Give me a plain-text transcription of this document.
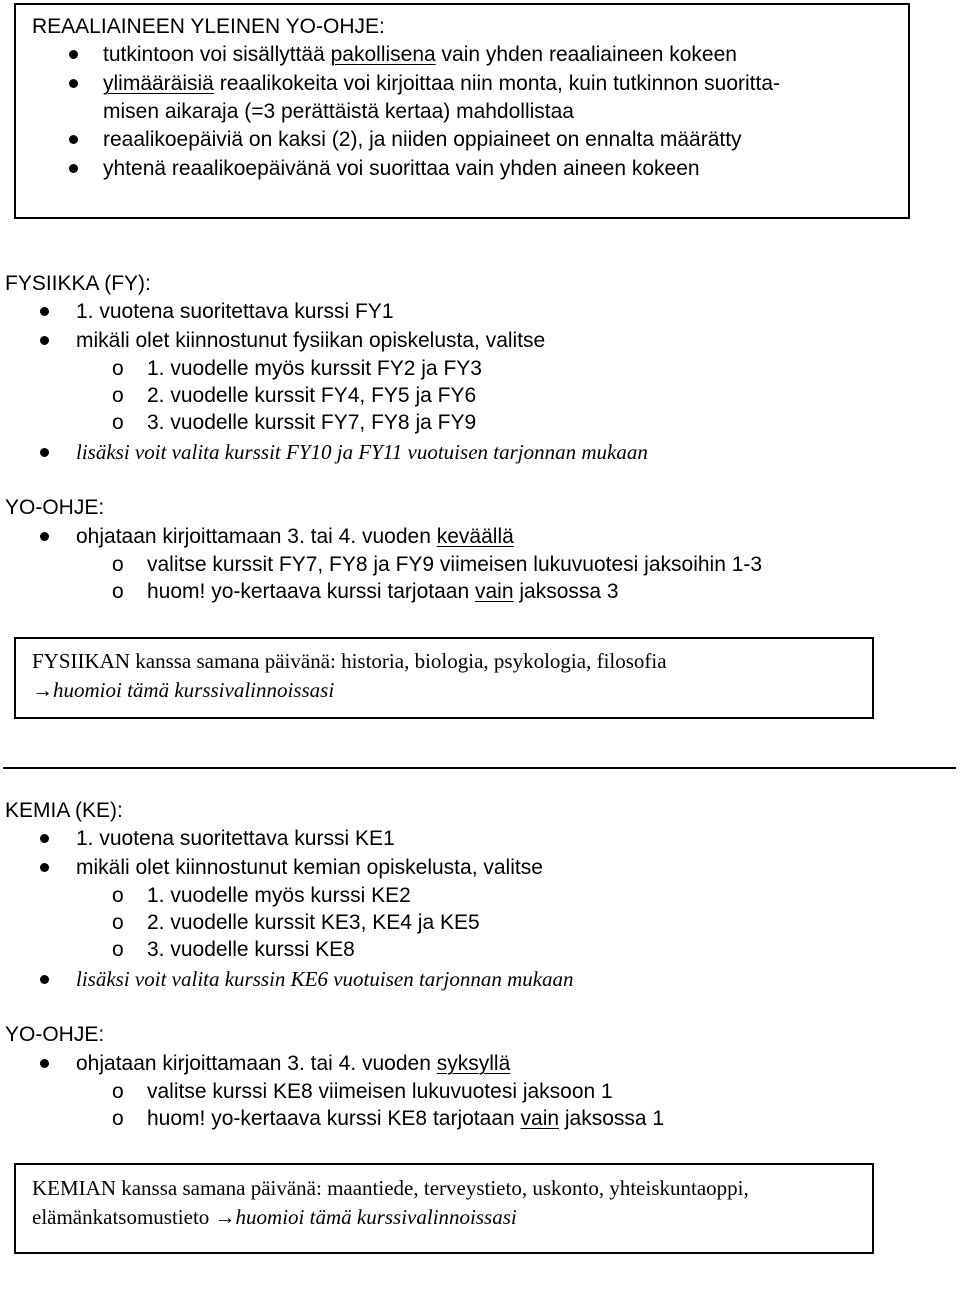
REAALIAINEEN YLEINEN YO-OHJE:
tutkintoon voi sisällyttää pakollisena vain yhden reaaliaineen kokeen
ylimääräisiä reaalikokeita voi kirjoittaa niin monta, kuin tutkinnon suoritta-
misen aikaraja (=3 perättäistä kertaa) mahdollistaa
reaalikoepäiviä on kaksi (2), ja niiden oppiaineet on ennalta määrätty
yhtenä reaalikoepäivänä voi suorittaa vain yhden aineen kokeen
FYSIIKKA (FY):
1. vuotena suoritettava kurssi FY1
mikäli olet kiinnostunut fysiikan opiskelusta, valitse
o 1. vuodelle myös kurssit FY2 ja FY3
o 2. vuodelle kurssit FY4, FY5 ja FY6
o 3. vuodelle kurssit FY7, FY8 ja FY9
lisäksi voit valita kurssit FY10 ja FY11 vuotuisen tarjonnan mukaan
YO-OHJE:
ohjataan kirjoittamaan 3. tai 4. vuoden keväällä
o valitse kurssit FY7, FY8 ja FY9 viimeisen lukuvuotesi jaksoihin 1-3
o huom! yo-kertaava kurssi tarjotaan vain jaksossa 3
FYSIIKAN kanssa samana päivänä: historia, biologia, psykologia, filosofia
→huomioi tämä kurssivalinnoissasi
KEMIA (KE):
1. vuotena suoritettava kurssi KE1
mikäli olet kiinnostunut kemian opiskelusta, valitse
o 1. vuodelle myös kurssi KE2
o 2. vuodelle kurssit KE3, KE4 ja KE5
o 3. vuodelle kurssi KE8
lisäksi voit valita kurssin KE6 vuotuisen tarjonnan mukaan
YO-OHJE:
ohjataan kirjoittamaan 3. tai 4. vuoden syksyllä
o valitse kurssi KE8 viimeisen lukuvuotesi jaksoon 1
o huom! yo-kertaava kurssi KE8 tarjotaan vain jaksossa 1
KEMIAN kanssa samana päivänä: maantiede, terveystieto, uskonto, yhteiskuntaoppi,
elämänkatsomustieto →huomioi tämä kurssivalinnoissasi
